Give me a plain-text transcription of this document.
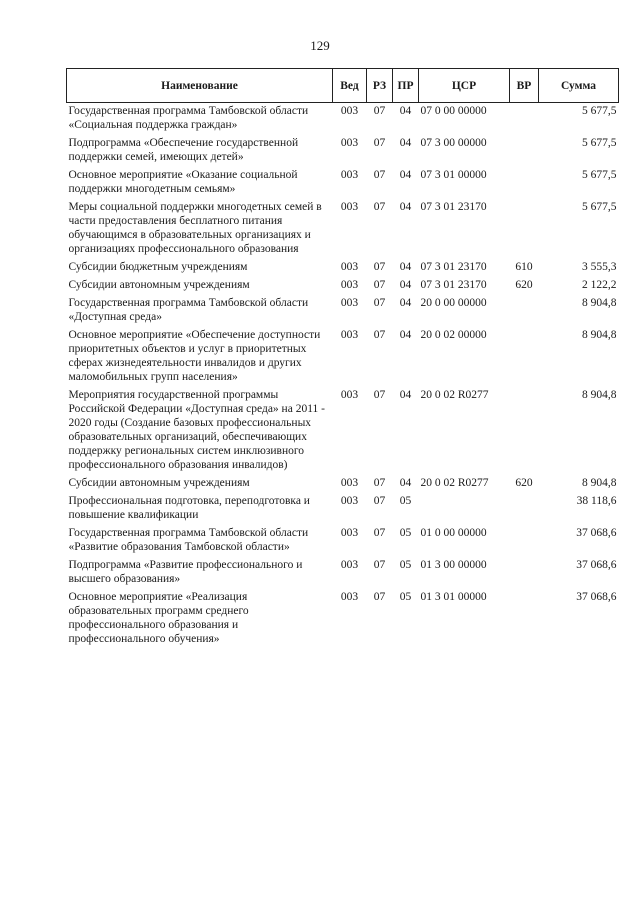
129
Наименование	Вед	РЗ	ПР	ЦСР	ВР	Сумма
Государственная программа Тамбовской области «Социальная поддержка граждан»	003	07	04	07 0 00 00000		5 677,5
Подпрограмма «Обеспечение государственной поддержки семей, имеющих детей»	003	07	04	07 3 00 00000		5 677,5
Основное мероприятие «Оказание социальной поддержки многодетным семьям»	003	07	04	07 3 01 00000		5 677,5
Меры социальной поддержки многодетных семей в части предоставления бесплатного питания обучающимся в образовательных организациях и организациях профессионального образования	003	07	04	07 3 01 23170		5 677,5
Субсидии бюджетным учреждениям	003	07	04	07 3 01 23170	610	3 555,3
Субсидии автономным учреждениям	003	07	04	07 3 01 23170	620	2 122,2
Государственная программа Тамбовской области «Доступная среда»	003	07	04	20 0 00 00000		8 904,8
Основное мероприятие «Обеспечение доступности приоритетных объектов и услуг в приоритетных сферах жизнедеятельности инвалидов и других маломобильных групп населения»	003	07	04	20 0 02 00000		8 904,8
Мероприятия государственной программы Российской Федерации «Доступная среда» на 2011 - 2020 годы (Создание базовых профессиональных образовательных организаций, обеспечивающих поддержку региональных систем инклюзивного профессионального образования инвалидов)	003	07	04	20 0 02 R0277		8 904,8
Субсидии автономным учреждениям	003	07	04	20 0 02 R0277	620	8 904,8
Профессиональная подготовка, переподготовка и повышение квалификации	003	07	05			38 118,6
Государственная программа Тамбовской области «Развитие образования Тамбовской области»	003	07	05	01 0 00 00000		37 068,6
Подпрограмма «Развитие профессионального и высшего образования»	003	07	05	01 3 00 00000		37 068,6
Основное мероприятие «Реализация образовательных программ среднего профессионального образования и профессионального обучения»	003	07	05	01 3 01 00000		37 068,6
